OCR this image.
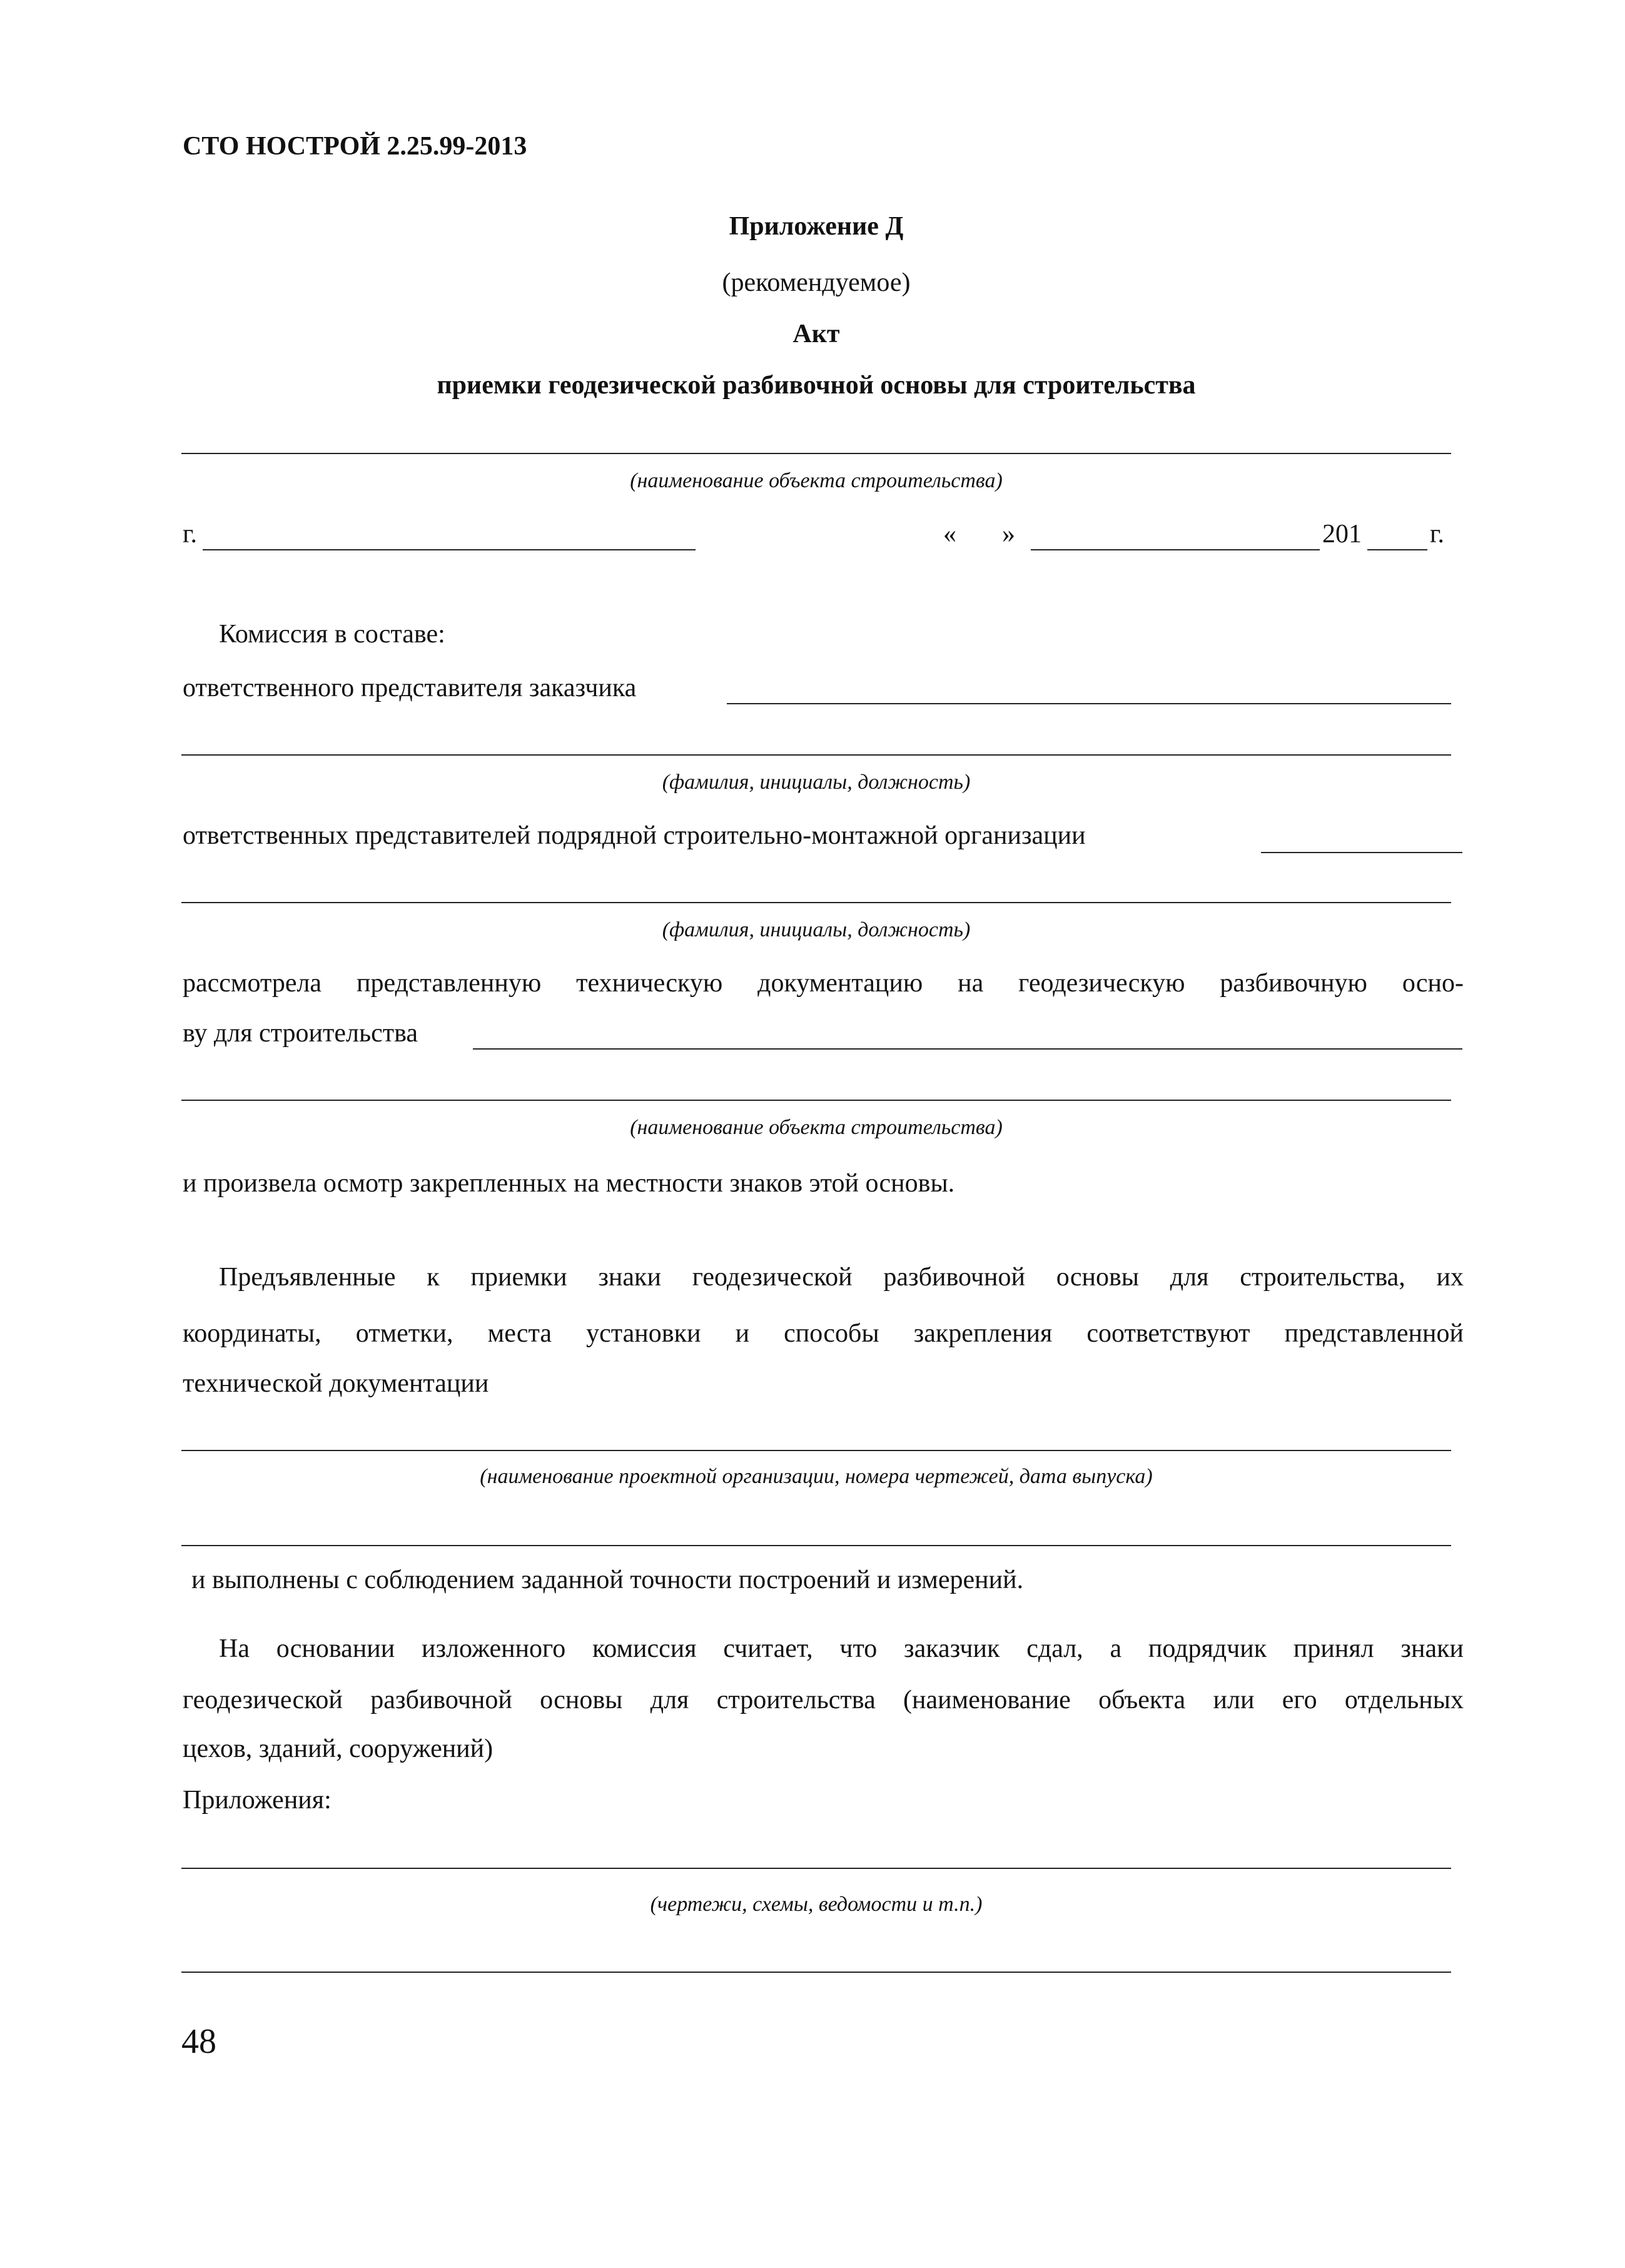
СТО НОСТРОЙ 2.25.99-2013
Приложение Д
(рекомендуемое)
Акт
приемки геодезической разбивочной основы для строительства
(наименование объекта строительства)
г.	« »	201	г.
Комиссия в составе:
ответственного представителя заказчика
(фамилия, инициалы, должность)
ответственных представителей подрядной строительно-монтажной организации
(фамилия, инициалы, должность)
рассмотрела представленную техническую документацию на геодезическую разбивочную осно-
ву для строительства
(наименование объекта строительства)
и произвела осмотр закрепленных на местности знаков этой основы.
Предъявленные к приемки знаки геодезической разбивочной основы для строительства, их
координаты, отметки, места установки и способы закрепления соответствуют представленной
технической документации
(наименование проектной организации, номера чертежей, дата выпуска)
и выполнены с соблюдением заданной точности построений и измерений.
На основании изложенного комиссия считает, что заказчик сдал, а подрядчик принял знаки
геодезической разбивочной основы для строительства (наименование объекта или его отдельных
цехов, зданий, сооружений)
Приложения:
(чертежи, схемы, ведомости и т.п.)
48
